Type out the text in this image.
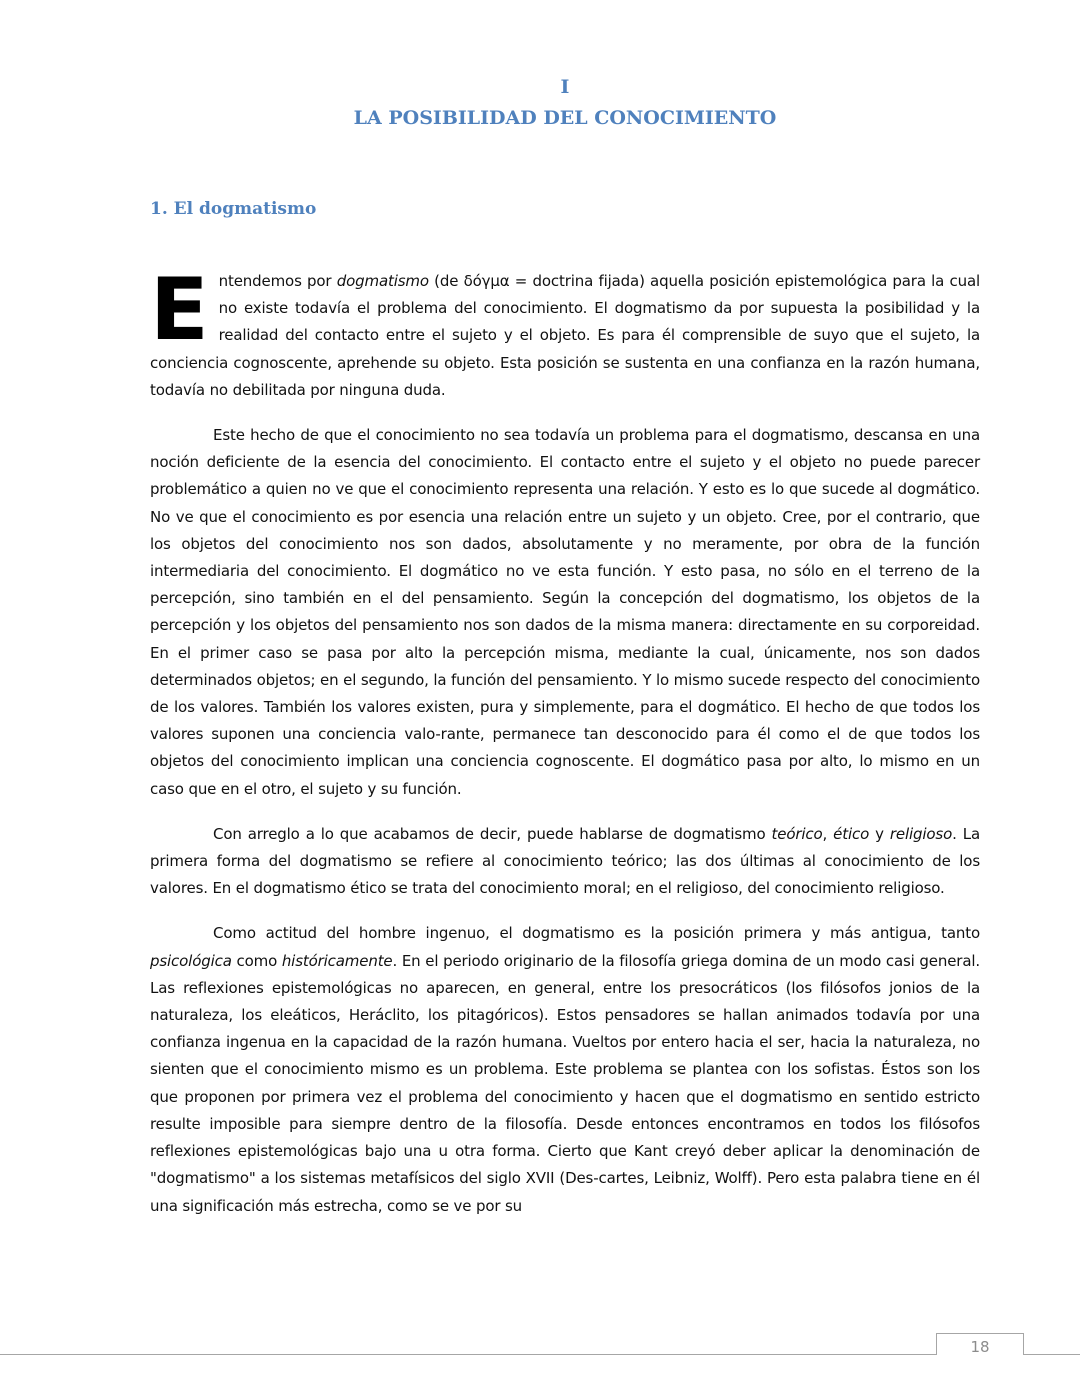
I
LA POSIBILIDAD DEL CONOCIMIENTO
1. El dogmatismo

Entendemos por dogmatismo (de δόγμα = doctrina fijada) aquella posición epistemológica para la cual no existe todavía el problema del conocimiento. El dogmatismo da por supuesta la posibilidad y la realidad del contacto entre el sujeto y el objeto. Es para él comprensible de suyo que el sujeto, la conciencia cognoscente, aprehende su objeto. Esta posición se sustenta en una confianza en la razón humana, todavía no debilitada por ninguna duda.

Este hecho de que el conocimiento no sea todavía un problema para el dogmatismo, descansa en una noción deficiente de la esencia del conocimiento. El contacto entre el sujeto y el objeto no puede parecer problemático a quien no ve que el conocimiento representa una relación. Y esto es lo que sucede al dogmático. No ve que el conocimiento es por esencia una relación entre un sujeto y un objeto. Cree, por el contrario, que los objetos del conocimiento nos son dados, absolutamente y no meramente, por obra de la función intermediaria del conocimiento. El dogmático no ve esta función. Y esto pasa, no sólo en el terreno de la percepción, sino también en el del pensamiento. Según la concepción del dogmatismo, los objetos de la percepción y los objetos del pensamiento nos son dados de la misma manera: directamente en su corporeidad. En el primer caso se pasa por alto la percepción misma, mediante la cual, únicamente, nos son dados determinados objetos; en el segundo, la función del pensamiento. Y lo mismo sucede respecto del conocimiento de los valores. También los valores existen, pura y simplemente, para el dogmático. El hecho de que todos los valores suponen una conciencia valo-rante, permanece tan desconocido para él como el de que todos los objetos del conocimiento implican una conciencia cognoscente. El dogmático pasa por alto, lo mismo en un caso que en el otro, el sujeto y su función.

Con arreglo a lo que acabamos de decir, puede hablarse de dogmatismo teórico, ético y religioso. La primera forma del dogmatismo se refiere al conocimiento teórico; las dos últimas al conocimiento de los valores. En el dogmatismo ético se trata del conocimiento moral; en el religioso, del conocimiento religioso.

Como actitud del hombre ingenuo, el dogmatismo es la posición primera y más antigua, tanto psicológica como históricamente. En el periodo originario de la filosofía griega domina de un modo casi general. Las reflexiones epistemológicas no aparecen, en general, entre los presocráticos (los filósofos jonios de la naturaleza, los eleáticos, Heráclito, los pitagóricos). Estos pensadores se hallan animados todavía por una confianza ingenua en la capacidad de la razón humana. Vueltos por entero hacia el ser, hacia la naturaleza, no sienten que el conocimiento mismo es un problema. Este problema se plantea con los sofistas. Éstos son los que proponen por primera vez el problema del conocimiento y hacen que el dogmatismo en sentido estricto resulte imposible para siempre dentro de la filosofía. Desde entonces encontramos en todos los filósofos reflexiones epistemológicas bajo una u otra forma. Cierto que Kant creyó deber aplicar la denominación de "dogmatismo" a los sistemas metafísicos del siglo XVII (Des-cartes, Leibniz, Wolff). Pero esta palabra tiene en él una significación más estrecha, como se ve por su

18
